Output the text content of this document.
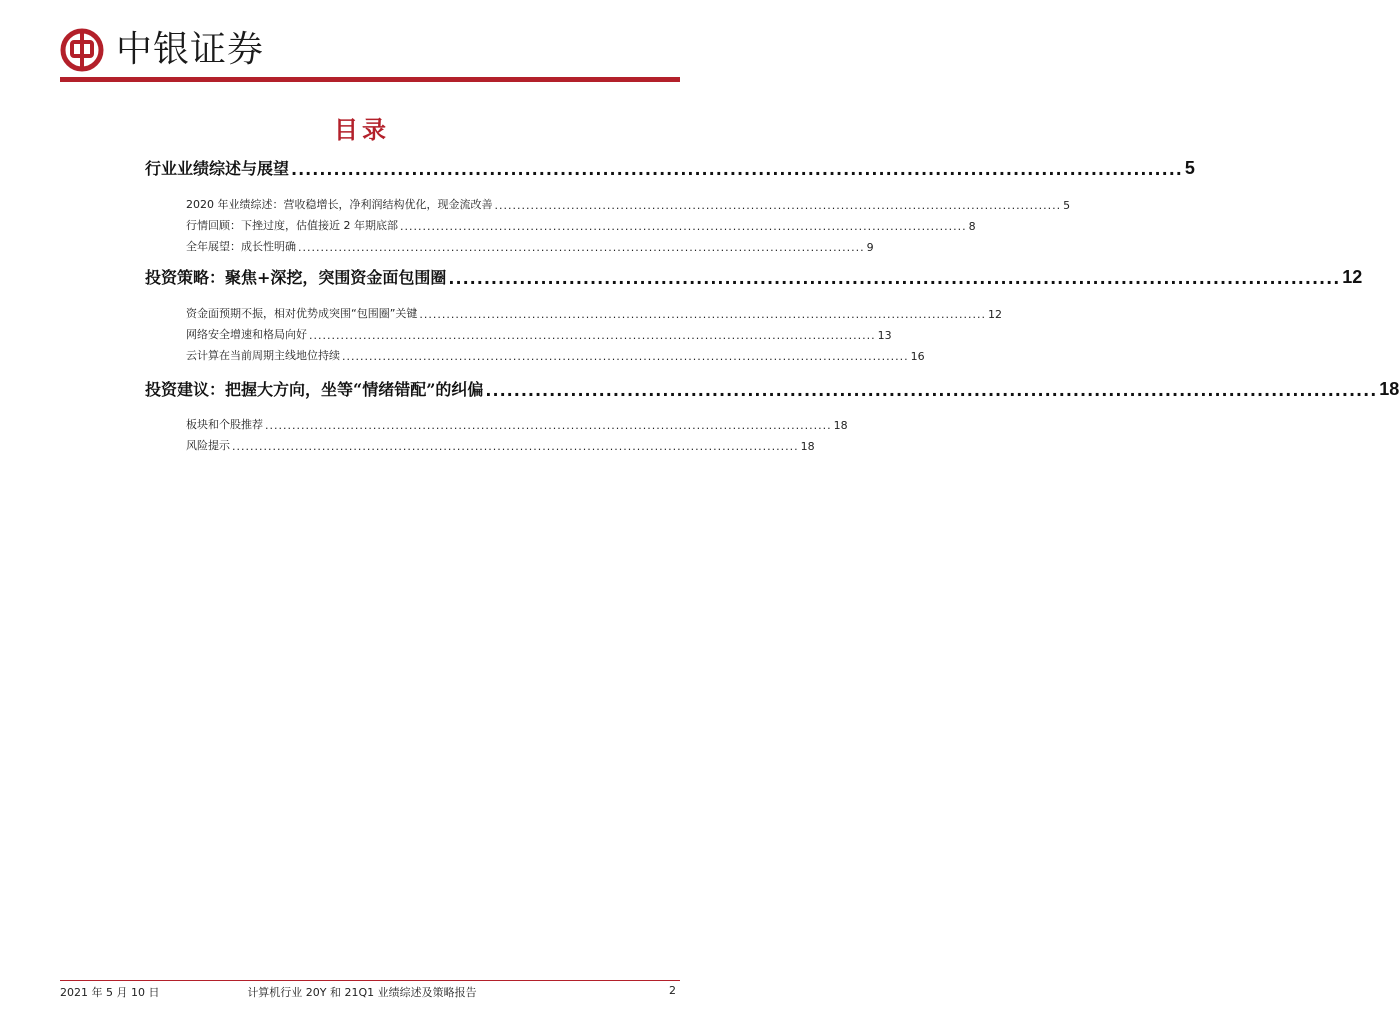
中银证券
目录
行业业绩综述与展望 .............................................................................................................................. 5
2020 年业绩综述：营收稳增长，净利润结构优化，现金流改善 .............................................................................................................................. 5
行情回顾：下挫过度，估值接近 2 年期底部 .............................................................................................................................. 8
全年展望：成长性明确 .............................................................................................................................. 9
投资策略：聚焦+深挖，突围资金面包围圈 .............................................................................................................................. 12
资金面预期不振，相对优势成突围“包围圈”关键 .............................................................................................................................. 12
网络安全增速和格局向好 .............................................................................................................................. 13
云计算在当前周期主线地位持续 .............................................................................................................................. 16
投资建议：把握大方向，坐等“情绪错配”的纠偏 .............................................................................................................................. 18
板块和个股推荐 .............................................................................................................................. 18
风险提示 .............................................................................................................................. 18
2021 年 5 月 10 日	计算机行业 20Y 和 21Q1 业绩综述及策略报告	2
